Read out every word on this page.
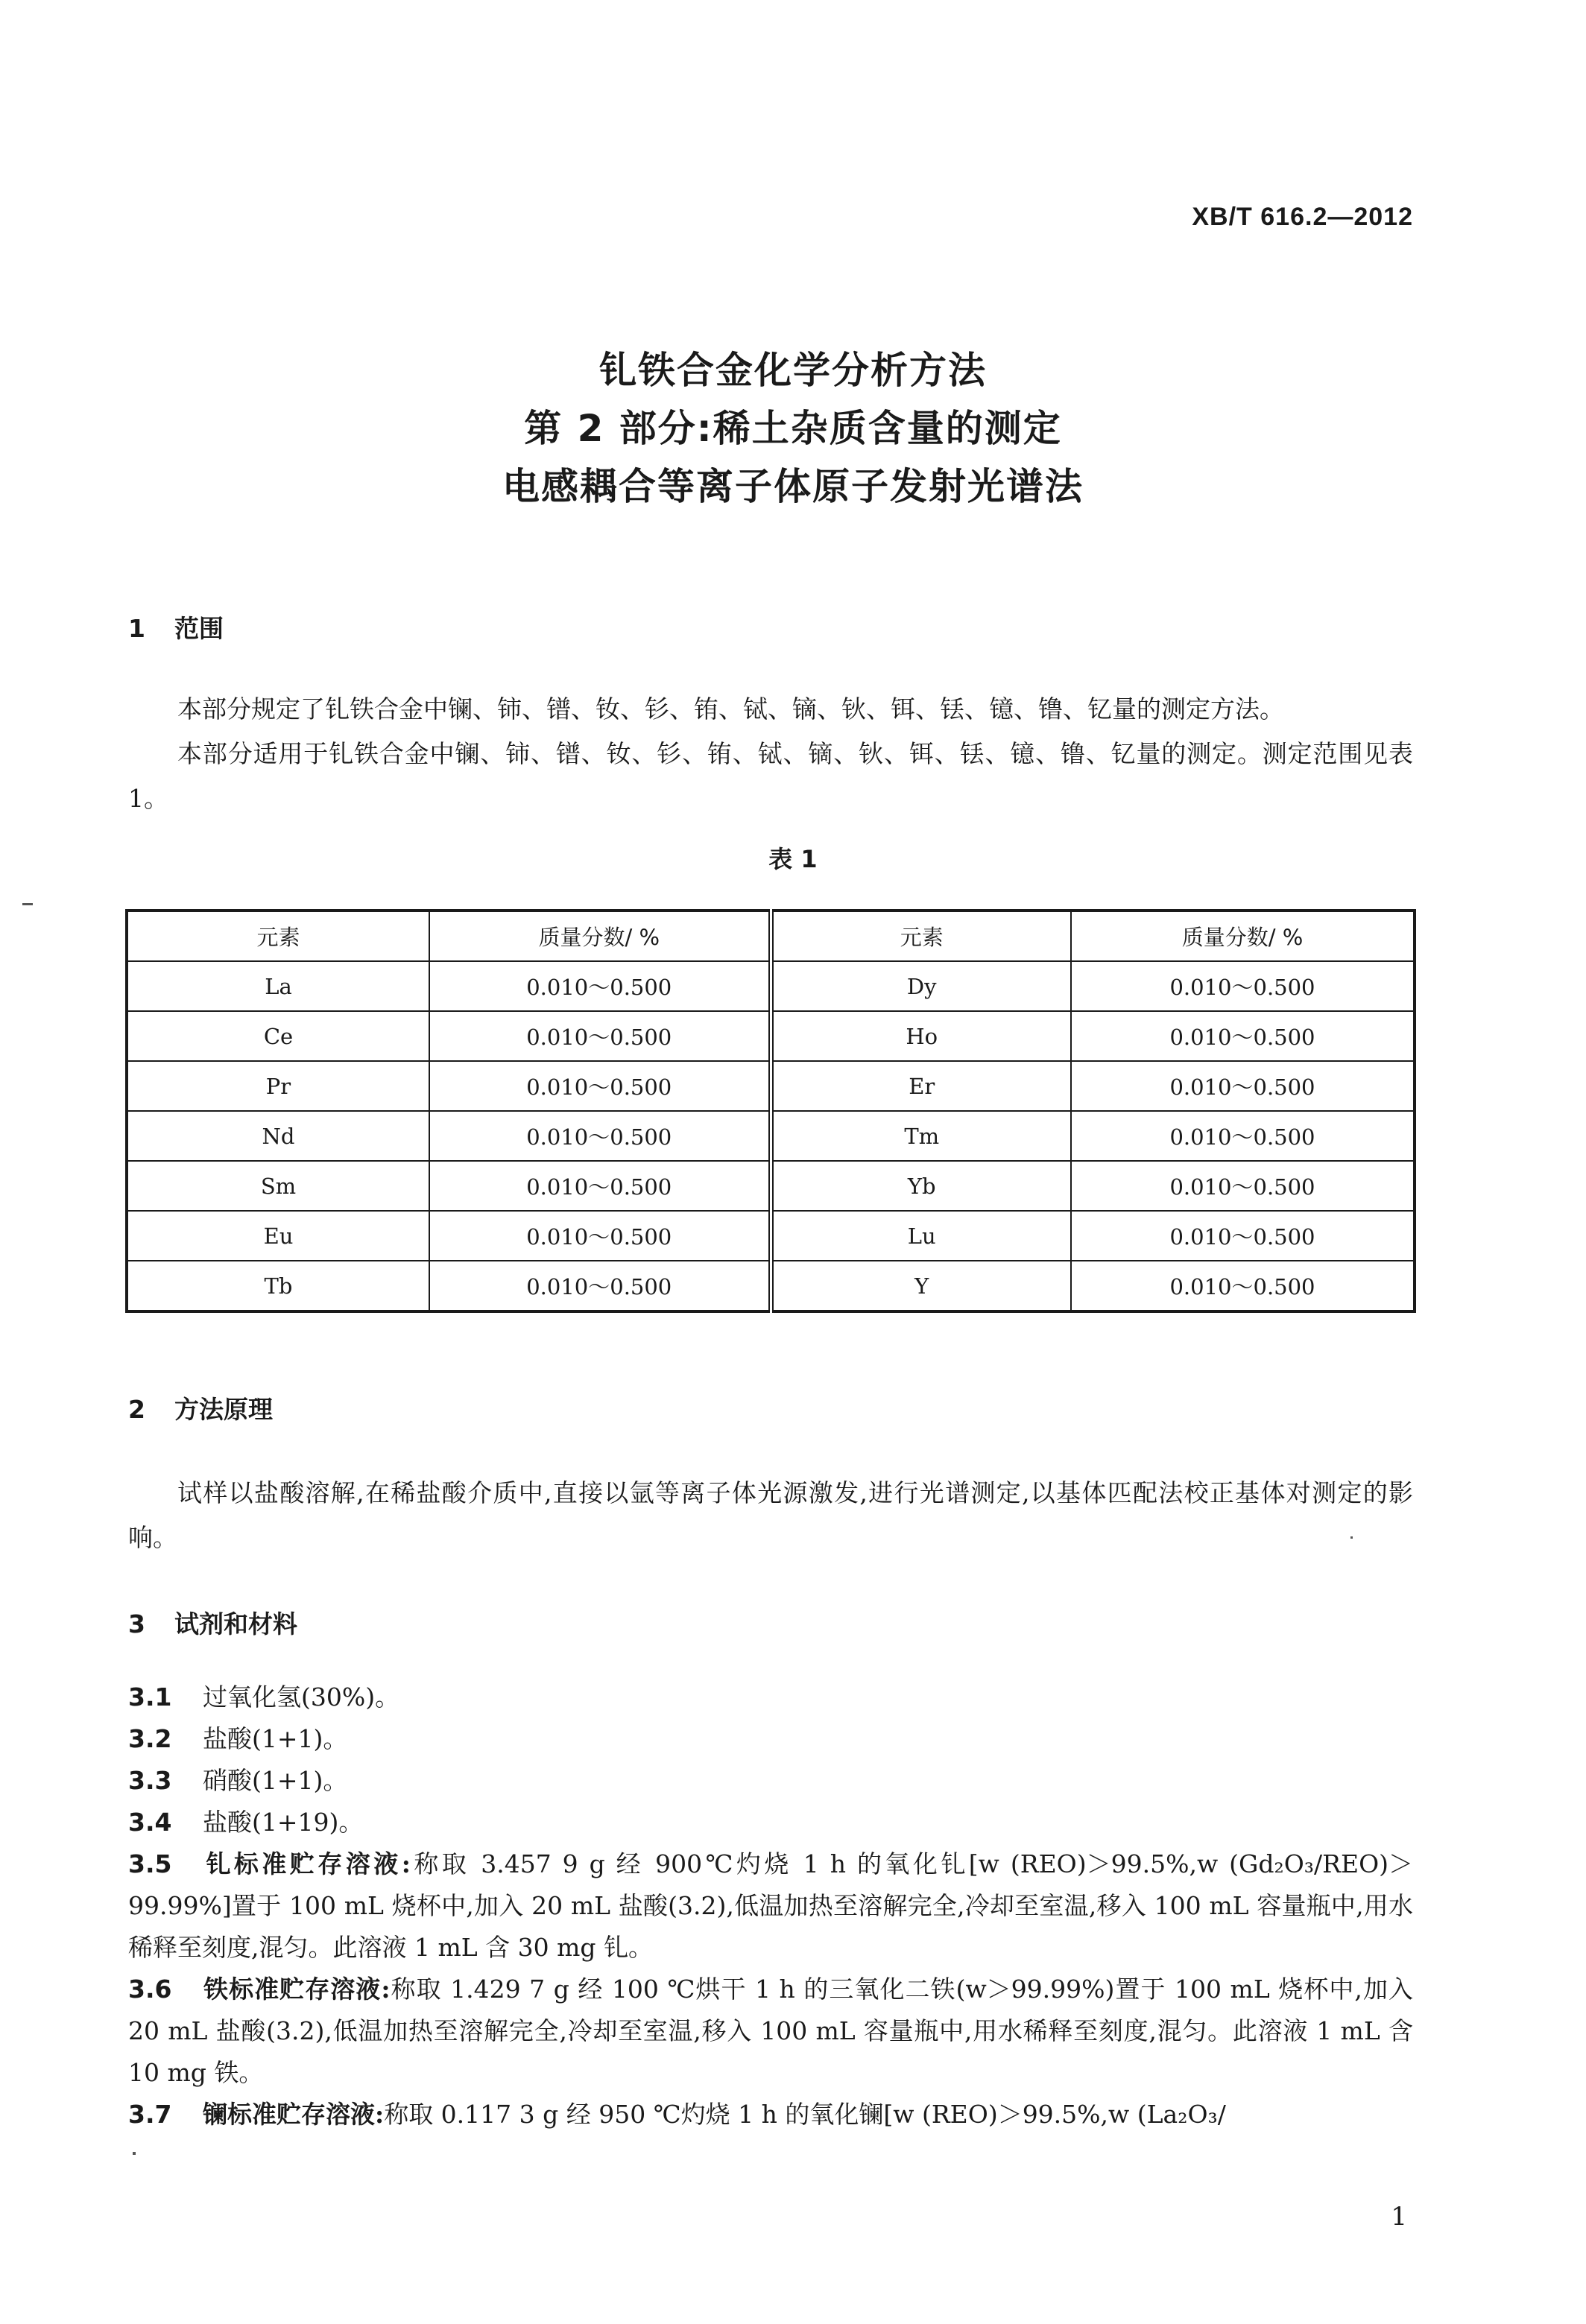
XB/T 616.2—2012
钆铁合金化学分析方法
第 2 部分:稀土杂质含量的测定
电感耦合等离子体原子发射光谱法
1 范围
本部分规定了钆铁合金中镧、铈、镨、钕、钐、铕、铽、镝、钬、铒、铥、镱、镥、钇量的测定方法。
本部分适用于钆铁合金中镧、铈、镨、钕、钐、铕、铽、镝、钬、铒、铥、镱、镥、钇量的测定。测定范围见表 1。
表 1
元素	质量分数/ %	元素	质量分数/ %
La	0.010～0.500	Dy	0.010～0.500
Ce	0.010～0.500	Ho	0.010～0.500
Pr	0.010～0.500	Er	0.010～0.500
Nd	0.010～0.500	Tm	0.010～0.500
Sm	0.010～0.500	Yb	0.010～0.500
Eu	0.010～0.500	Lu	0.010～0.500
Tb	0.010～0.500	Y	0.010～0.500
2 方法原理
试样以盐酸溶解,在稀盐酸介质中,直接以氩等离子体光源激发,进行光谱测定,以基体匹配法校正基体对测定的影响。
3 试剂和材料
3.1 过氧化氢(30%)。
3.2 盐酸(1+1)。
3.3 硝酸(1+1)。
3.4 盐酸(1+19)。
3.5 钆标准贮存溶液:称取 3.457 9 g 经 900℃灼烧 1 h 的氧化钆[w (REO)＞99.5%,w (Gd₂O₃/REO)＞99.99%]置于 100 mL 烧杯中,加入 20 mL 盐酸(3.2),低温加热至溶解完全,冷却至室温,移入 100 mL 容量瓶中,用水稀释至刻度,混匀。此溶液 1 mL 含 30 mg 钆。
3.6 铁标准贮存溶液:称取 1.429 7 g 经 100 ℃烘干 1 h 的三氧化二铁(w＞99.99%)置于 100 mL 烧杯中,加入 20 mL 盐酸(3.2),低温加热至溶解完全,冷却至室温,移入 100 mL 容量瓶中,用水稀释至刻度,混匀。此溶液 1 mL 含 10 mg 铁。
3.7 镧标准贮存溶液:称取 0.117 3 g 经 950 ℃灼烧 1 h 的氧化镧[w (REO)＞99.5%,w (La₂O₃/
1
